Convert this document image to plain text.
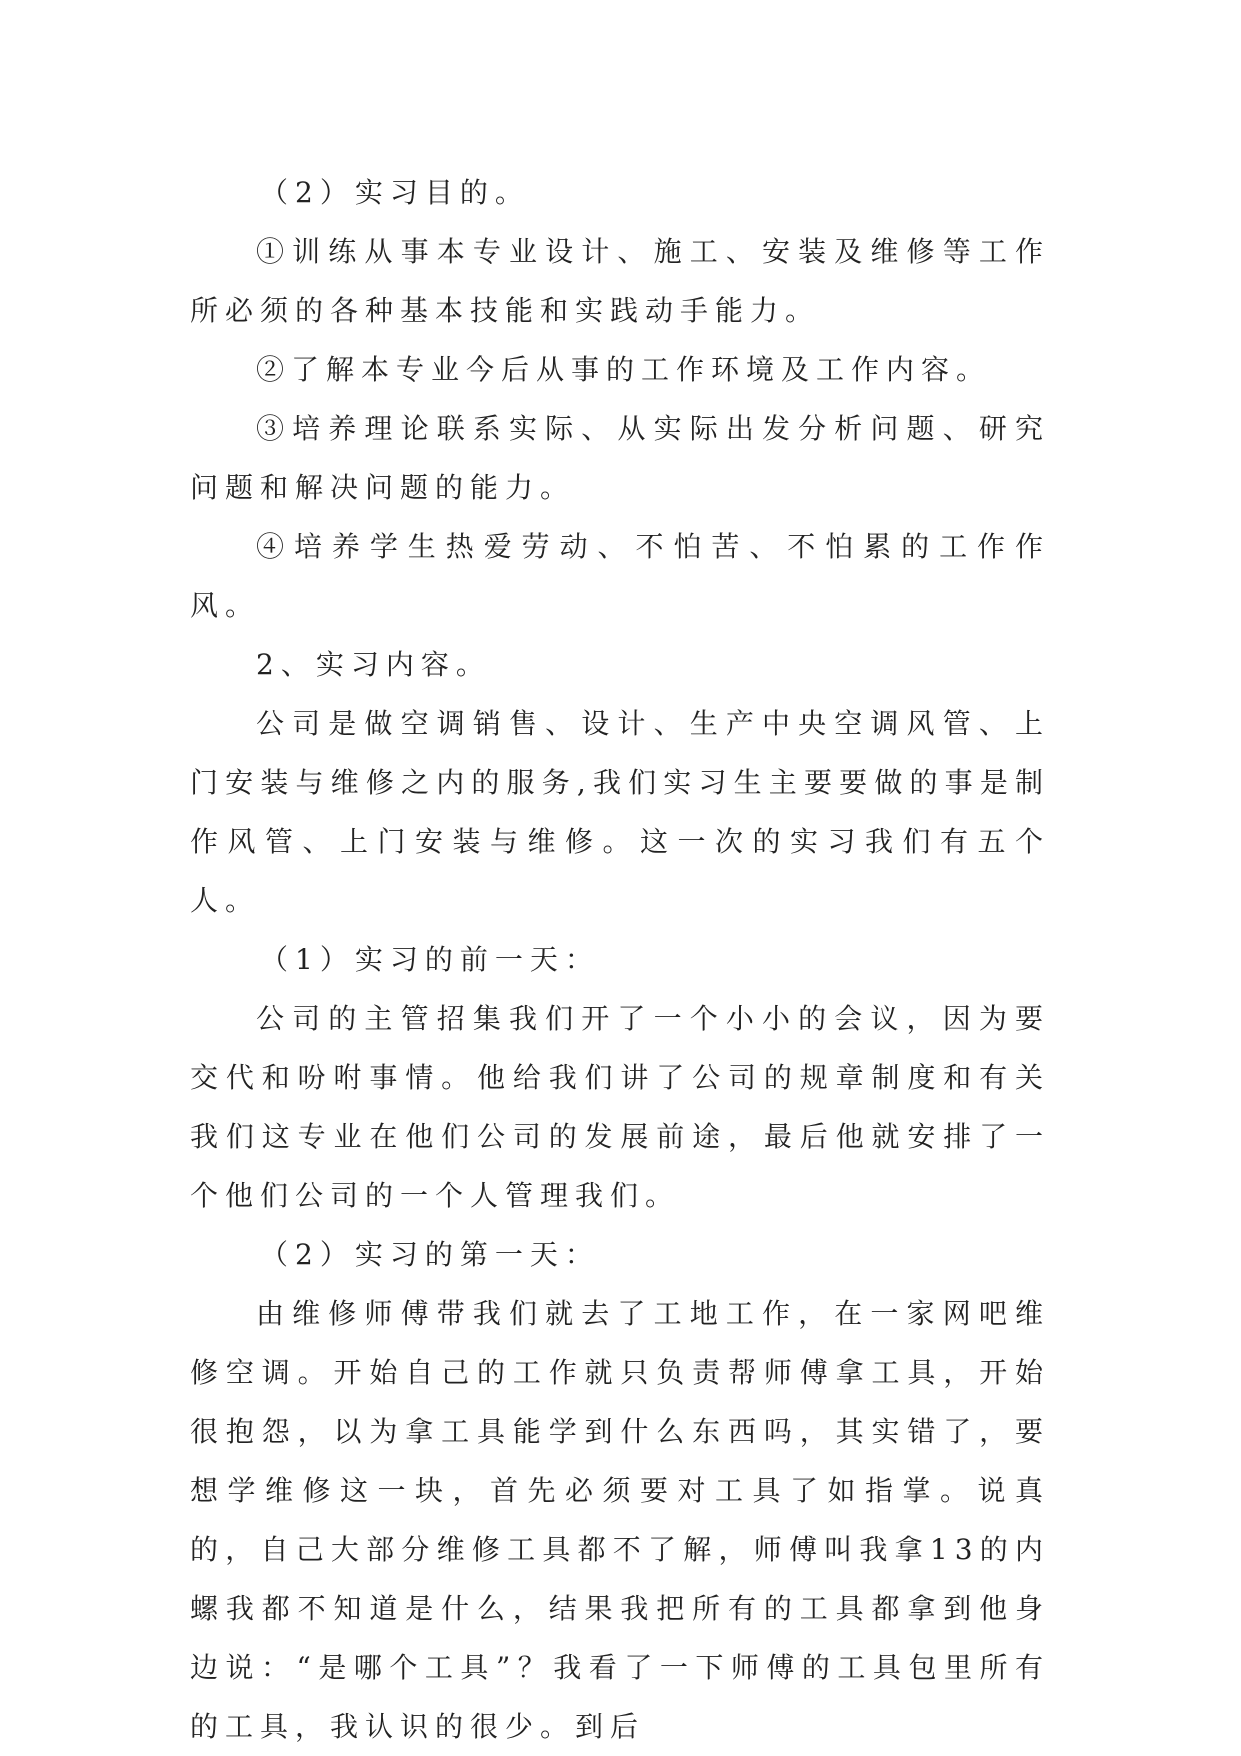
（2）实习目的。

①训练从事本专业设计、施工、安装及维修等工作所必须的各种基本技能和实践动手能力。

②了解本专业今后从事的工作环境及工作内容。

③培养理论联系实际、从实际出发分析问题、研究问题和解决问题的能力。

④培养学生热爱劳动、不怕苦、不怕累的工作作风。

2、实习内容。

公司是做空调销售、设计、生产中央空调风管、上门安装与维修之内的服务,我们实习生主要要做的事是制作风管、上门安装与维修。这一次的实习我们有五个人。

（1）实习的前一天：

公司的主管招集我们开了一个小小的会议，因为要交代和吩咐事情。他给我们讲了公司的规章制度和有关我们这专业在他们公司的发展前途，最后他就安排了一个他们公司的一个人管理我们。

（2）实习的第一天：

由维修师傅带我们就去了工地工作，在一家网吧维修空调。开始自己的工作就只负责帮师傅拿工具，开始很抱怨，以为拿工具能学到什么东西吗，其实错了，要想学维修这一块，首先必须要对工具了如指掌。说真的，自己大部分维修工具都不了解，师傅叫我拿13的内螺我都不知道是什么，结果我把所有的工具都拿到他身边说：“是哪个工具”？我看了一下师傅的工具包里所有的工具，我认识的很少。到后
